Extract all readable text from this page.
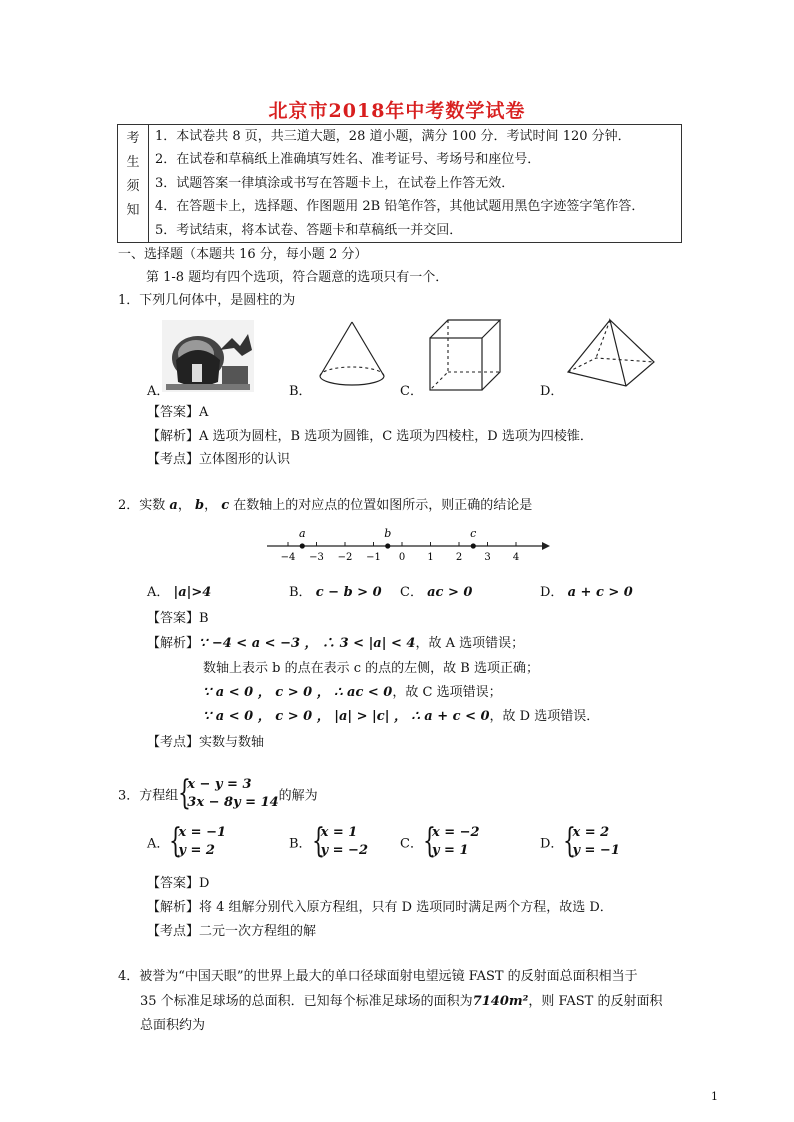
北京市2018年中考数学试卷
考
生
须
知

1．本试卷共 8 页，共三道大题，28 道小题，满分 100 分．考试时间 120 分钟．
2．在试卷和草稿纸上准确填写姓名、准考证号、考场号和座位号．
3．试题答案一律填涂或书写在答题卡上，在试卷上作答无效．
4．在答题卡上，选择题、作图题用 2B 铅笔作答，其他试题用黑色字迹签字笔作答．
5．考试结束，将本试卷、答题卡和草稿纸一并交回．
一、选择题（本题共 16 分，每小题 2 分）
第 1-8 题均有四个选项，符合题意的选项只有一个．
1．下列几何体中，是圆柱的为
A．	B．	C．	D．
【答案】A
【解析】A 选项为圆柱，B 选项为圆锥，C 选项为四棱柱，D 选项为四棱锥．
【考点】立体图形的认识
2．实数 a， b， c 在数轴上的对应点的位置如图所示，则正确的结论是
−4 −3 −2 −1 0 1 2 3 4
a	b	c
A． |a|>4	B． c − b > 0 C． ac > 0	D． a + c > 0
【答案】B
【解析】∵ −4 < a < −3 ， ∴ 3 < |a| < 4，故 A 选项错误；
数轴上表示 b 的点在表示 c 的点的左侧，故 B 选项正确；
∵ a < 0 ， c > 0 ， ∴ ac < 0，故 C 选项错误；
∵ a < 0 ， c > 0 ， |a| > |c| ， ∴ a + c < 0，故 D 选项错误．
【考点】实数与数轴
3．方程组 {
x − y = 3
3x − 8y = 14 的解为
A． {
x = −1
y = 2	B． {
x = 1
y = −2 C． {
x = −2
y = 1	D． {
x = 2
y = −1
【答案】D
【解析】将 4 组解分别代入原方程组，只有 D 选项同时满足两个方程，故选 D．
【考点】二元一次方程组的解
4．被誉为“中国天眼”的世界上最大的单口径球面射电望远镜 FAST 的反射面总面积相当于
35 个标准足球场的总面积．已知每个标准足球场的面积为7140m²，则 FAST 的反射面积
总面积约为
1
